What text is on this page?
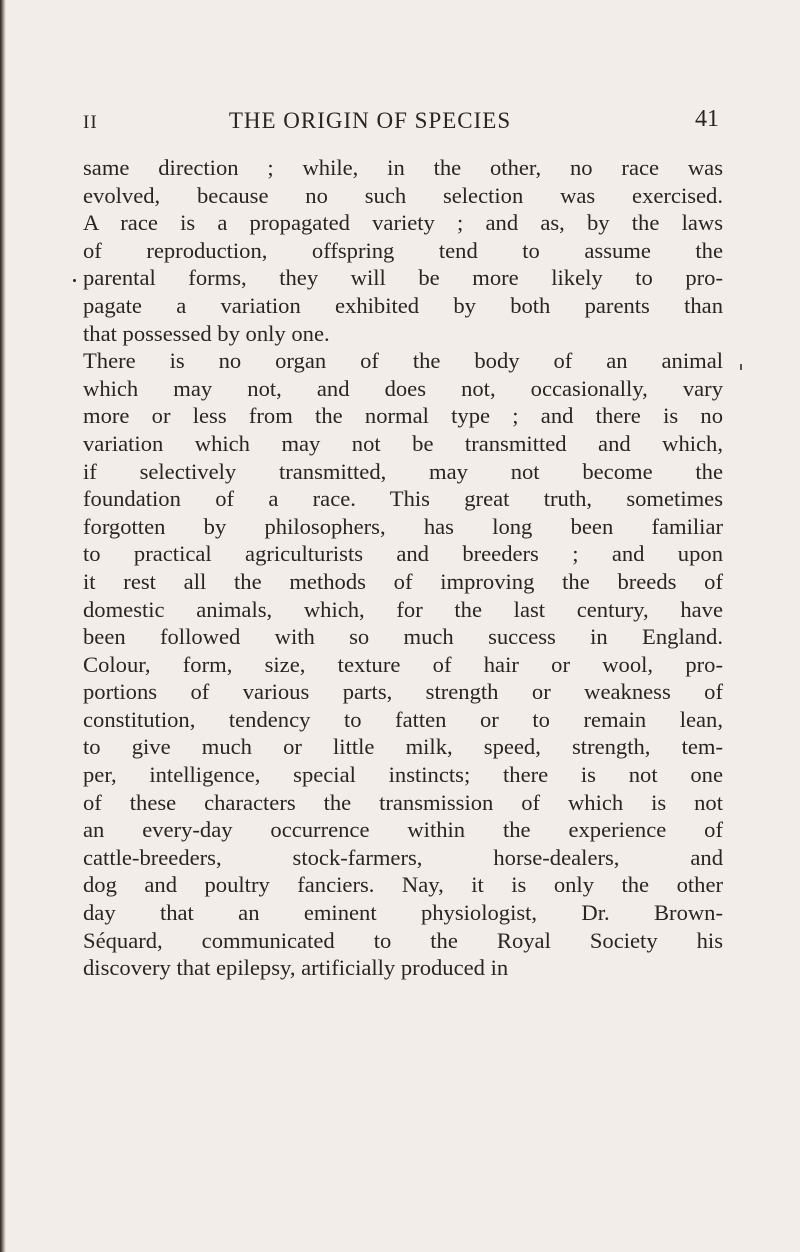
II	THE ORIGIN OF SPECIES	41
same direction ; while, in the other, no race was
evolved, because no such selection was exercised.
A race is a propagated variety ; and as, by the laws
of reproduction, offspring tend to assume the
parental forms, they will be more likely to pro-
pagate a variation exhibited by both parents than
that possessed by only one.
There is no organ of the body of an animal
which may not, and does not, occasionally, vary
more or less from the normal type ; and there is no
variation which may not be transmitted and which,
if selectively transmitted, may not become the
foundation of a race. This great truth, sometimes
forgotten by philosophers, has long been familiar
to practical agriculturists and breeders ; and upon
it rest all the methods of improving the breeds of
domestic animals, which, for the last century, have
been followed with so much success in England.
Colour, form, size, texture of hair or wool, pro-
portions of various parts, strength or weakness of
constitution, tendency to fatten or to remain lean,
to give much or little milk, speed, strength, tem-
per, intelligence, special instincts; there is not one
of these characters the transmission of which is not
an every-day occurrence within the experience of
cattle-breeders, stock-farmers, horse-dealers, and
dog and poultry fanciers. Nay, it is only the other
day that an eminent physiologist, Dr. Brown-
Séquard, communicated to the Royal Society his
discovery that epilepsy, artificially produced in
